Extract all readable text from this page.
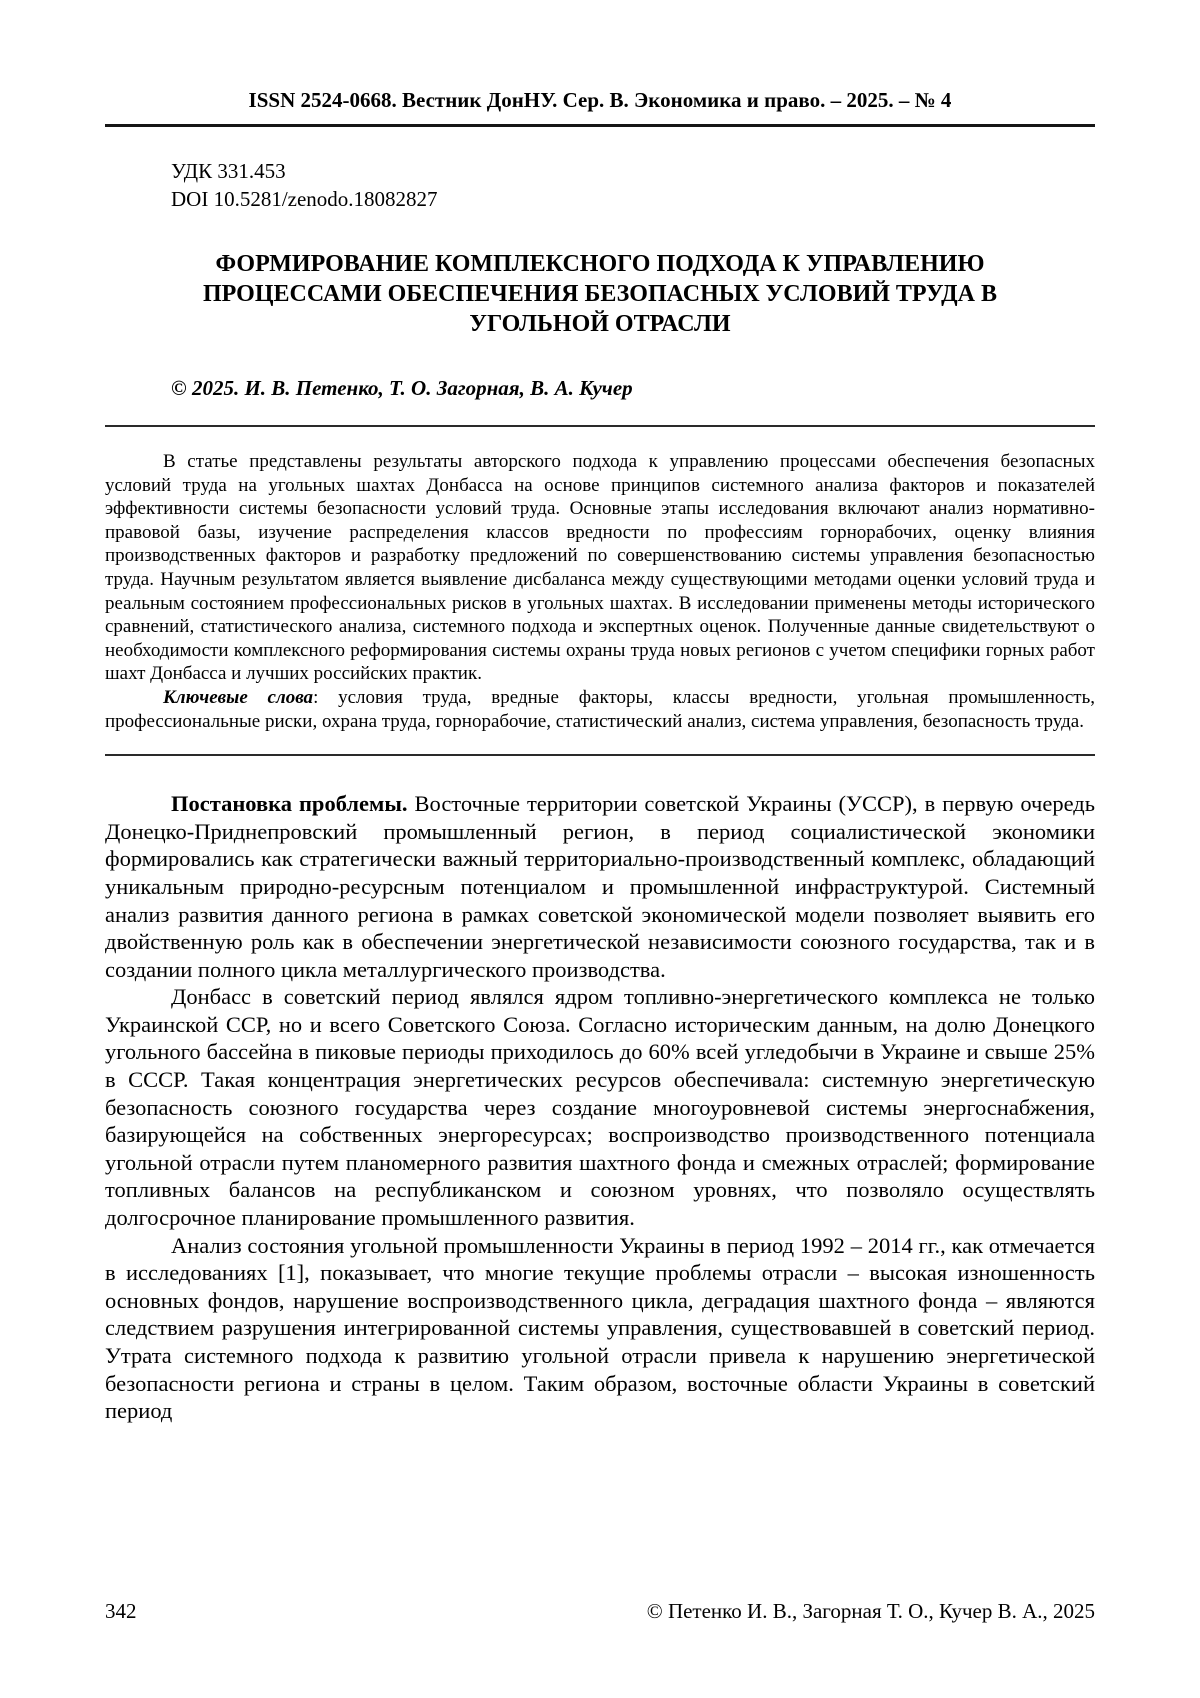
ISSN 2524-0668. Вестник ДонНУ. Сер. В. Экономика и право. – 2025. – № 4
УДК 331.453
DOI 10.5281/zenodo.18082827
ФОРМИРОВАНИЕ КОМПЛЕКСНОГО ПОДХОДА К УПРАВЛЕНИЮ ПРОЦЕССАМИ ОБЕСПЕЧЕНИЯ БЕЗОПАСНЫХ УСЛОВИЙ ТРУДА В УГОЛЬНОЙ ОТРАСЛИ
© 2025. И. В. Петенко, Т. О. Загорная, В. А. Кучер

В статье представлены результаты авторского подхода к управлению процессами обеспечения безопасных условий труда на угольных шахтах Донбасса на основе принципов системного анализа факторов и показателей эффективности системы безопасности условий труда. Основные этапы исследования включают анализ нормативно-правовой базы, изучение распределения классов вредности по профессиям горнорабочих, оценку влияния производственных факторов и разработку предложений по совершенствованию системы управления безопасностью труда. Научным результатом является выявление дисбаланса между существующими методами оценки условий труда и реальным состоянием профессиональных рисков в угольных шахтах. В исследовании применены методы исторического сравнений, статистического анализа, системного подхода и экспертных оценок. Полученные данные свидетельствуют о необходимости комплексного реформирования системы охраны труда новых регионов с учетом специфики горных работ шахт Донбасса и лучших российских практик.

Ключевые слова: условия труда, вредные факторы, классы вредности, угольная промышленность, профессиональные риски, охрана труда, горнорабочие, статистический анализ, система управления, безопасность труда.

Постановка проблемы. Восточные территории советской Украины (УССР), в первую очередь Донецко-Приднепровский промышленный регион, в период социалистической экономики формировались как стратегически важный территориально-производственный комплекс, обладающий уникальным природно-ресурсным потенциалом и промышленной инфраструктурой. Системный анализ развития данного региона в рамках советской экономической модели позволяет выявить его двойственную роль как в обеспечении энергетической независимости союзного государства, так и в создании полного цикла металлургического производства.

Донбасс в советский период являлся ядром топливно-энергетического комплекса не только Украинской ССР, но и всего Советского Союза. Согласно историческим данным, на долю Донецкого угольного бассейна в пиковые периоды приходилось до 60% всей угледобычи в Украине и свыше 25% в СССР. Такая концентрация энергетических ресурсов обеспечивала: системную энергетическую безопасность союзного государства через создание многоуровневой системы энергоснабжения, базирующейся на собственных энергоресурсах; воспроизводство производственного потенциала угольной отрасли путем планомерного развития шахтного фонда и смежных отраслей; формирование топливных балансов на республиканском и союзном уровнях, что позволяло осуществлять долгосрочное планирование промышленного развития.

Анализ состояния угольной промышленности Украины в период 1992 – 2014 гг., как отмечается в исследованиях [1], показывает, что многие текущие проблемы отрасли – высокая изношенность основных фондов, нарушение воспроизводственного цикла, деградация шахтного фонда – являются следствием разрушения интегрированной системы управления, существовавшей в советский период. Утрата системного подхода к развитию угольной отрасли привела к нарушению энергетической безопасности региона и страны в целом. Таким образом, восточные области Украины в советский период

342	© Петенко И. В., Загорная Т. О., Кучер В. А., 2025
